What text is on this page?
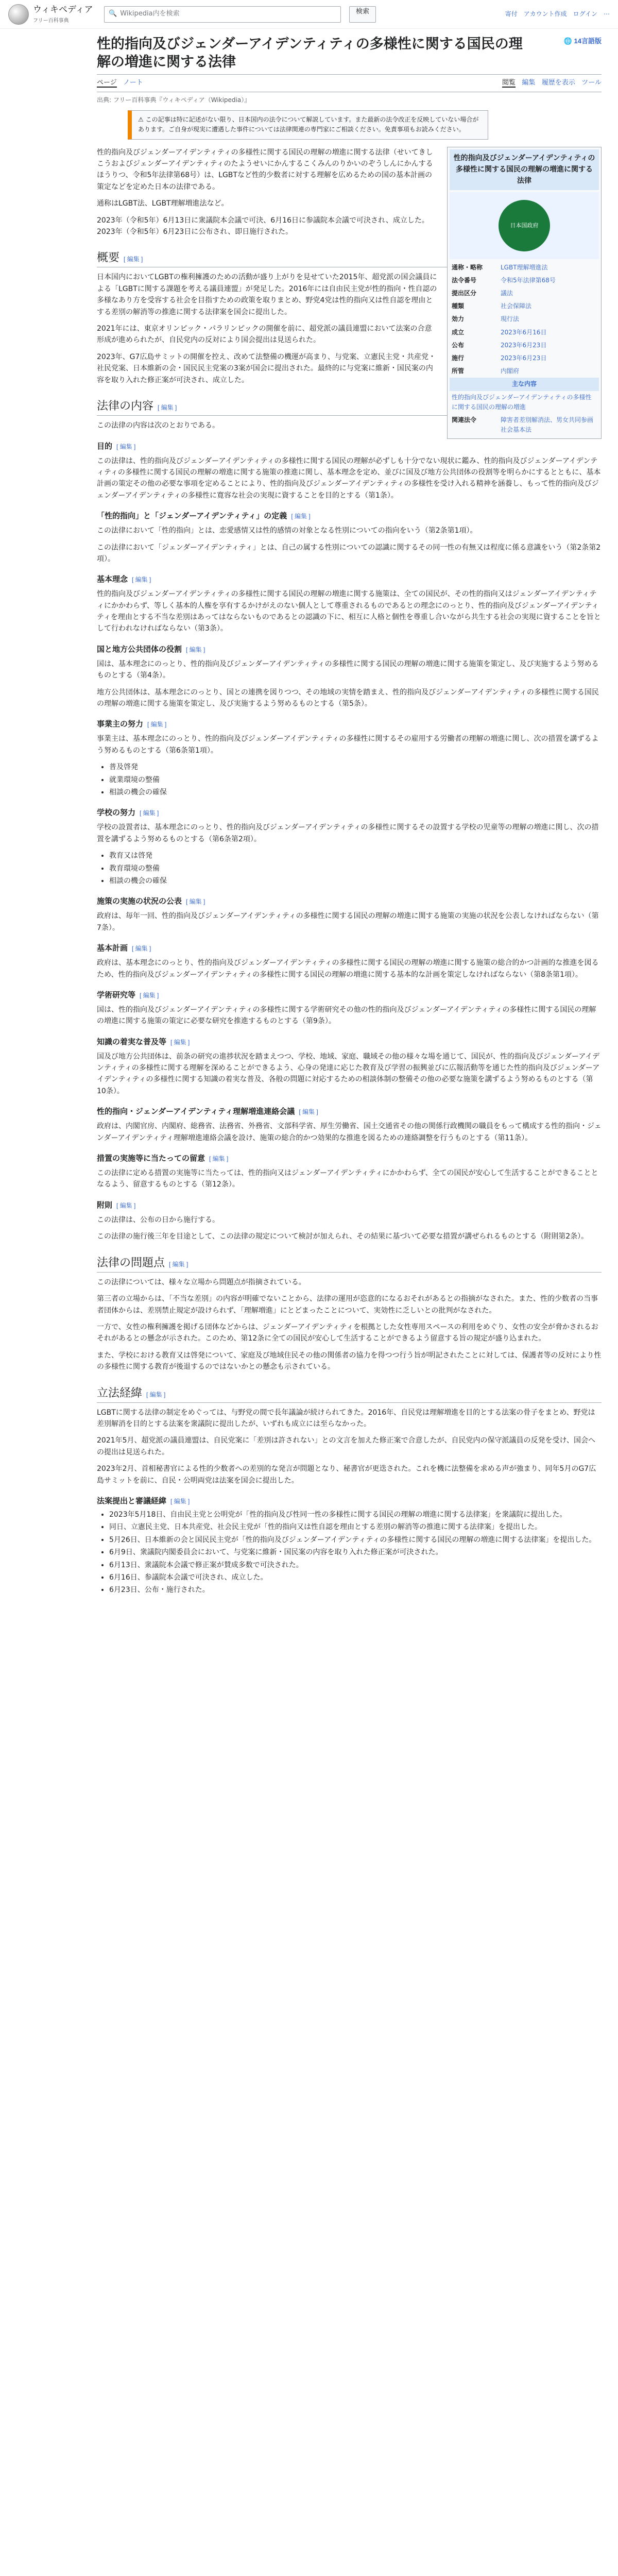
ウィキペディア
フリー百科事典
🔍 Wikipedia内を検索	検索	寄付 アカウント作成 ログイン ⋯
性的指向及びジェンダーアイデンティティの多様性に関する国民の理解の増進に関する法律
🌐 14言語版
ページ ノート	閲覧 編集 履歴を表示 ツール
出典: フリー百科事典『ウィキペディア（Wikipedia）』
⚠ この記事は特に記述がない限り、日本国内の法令について解説しています。また最新の法令改正を反映していない場合があります。ご自身が現実に遭遇した事件については法律関連の専門家にご相談ください。免責事項もお読みください。
性的指向及びジェンダーアイデンティティの多様性に関する国民の理解の増進に関する法律
日本国政府
通称・略称	LGBT理解増進法
法令番号	令和5年法律第68号
提出区分	議法
種類	社会保障法
効力	現行法
成立	2023年6月16日
公布	2023年6月23日
施行	2023年6月23日
所管	内閣府
主な内容	
性的指向及びジェンダーアイデンティティの多様性に関する国民の理解の増進	
関連法令	障害者差別解消法、男女共同参画社会基本法

性的指向及びジェンダーアイデンティティの多様性に関する国民の理解の増進に関する法律（せいてきしこうおよびジェンダーアイデンティティのたようせいにかんするこくみんのりかいのぞうしんにかんするほうりつ、令和5年法律第68号）は、LGBTなど性的少数者に対する理解を広めるための国の基本計画の策定などを定めた日本の法律である。

通称はLGBT法、LGBT理解増進法など。

2023年（令和5年）6月13日に衆議院本会議で可決、6月16日に参議院本会議で可決され、成立した。2023年（令和5年）6月23日に公布され、即日施行された。

概要 [ 編集 ]

日本国内においてLGBTの権利擁護のための活動が盛り上がりを見せていた2015年、超党派の国会議員による「LGBTに関する課題を考える議員連盟」が発足した。2016年には自由民主党が性的指向・性自認の多様なあり方を受容する社会を目指すための政策を取りまとめ、野党4党は性的指向又は性自認を理由とする差別の解消等の推進に関する法律案を国会に提出した。

2021年には、東京オリンピック・パラリンピックの開催を前に、超党派の議員連盟において法案の合意形成が進められたが、自民党内の反対により国会提出は見送られた。

2023年、G7広島サミットの開催を控え、改めて法整備の機運が高まり、与党案、立憲民主党・共産党・社民党案、日本維新の会・国民民主党案の3案が国会に提出された。最終的に与党案に維新・国民案の内容を取り入れた修正案が可決され、成立した。

法律の内容 [ 編集 ]

この法律の内容は次のとおりである。

目的 [ 編集 ]

この法律は、性的指向及びジェンダーアイデンティティの多様性に関する国民の理解が必ずしも十分でない現状に鑑み、性的指向及びジェンダーアイデンティティの多様性に関する国民の理解の増進に関する施策の推進に関し、基本理念を定め、並びに国及び地方公共団体の役割等を明らかにするとともに、基本計画の策定その他の必要な事項を定めることにより、性的指向及びジェンダーアイデンティティの多様性を受け入れる精神を涵養し、もって性的指向及びジェンダーアイデンティティの多様性に寛容な社会の実現に資することを目的とする（第1条）。

「性的指向」と「ジェンダーアイデンティティ」の定義 [ 編集 ]

この法律において「性的指向」とは、恋愛感情又は性的感情の対象となる性別についての指向をいう（第2条第1項）。

この法律において「ジェンダーアイデンティティ」とは、自己の属する性別についての認識に関するその同一性の有無又は程度に係る意識をいう（第2条第2項）。

基本理念 [ 編集 ]

性的指向及びジェンダーアイデンティティの多様性に関する国民の理解の増進に関する施策は、全ての国民が、その性的指向又はジェンダーアイデンティティにかかわらず、等しく基本的人権を享有するかけがえのない個人として尊重されるものであるとの理念にのっとり、性的指向及びジェンダーアイデンティティを理由とする不当な差別はあってはならないものであるとの認識の下に、相互に人格と個性を尊重し合いながら共生する社会の実現に資することを旨として行われなければならない（第3条）。

国と地方公共団体の役割 [ 編集 ]

国は、基本理念にのっとり、性的指向及びジェンダーアイデンティティの多様性に関する国民の理解の増進に関する施策を策定し、及び実施するよう努めるものとする（第4条）。

地方公共団体は、基本理念にのっとり、国との連携を図りつつ、その地域の実情を踏まえ、性的指向及びジェンダーアイデンティティの多様性に関する国民の理解の増進に関する施策を策定し、及び実施するよう努めるものとする（第5条）。

事業主の努力 [ 編集 ]

事業主は、基本理念にのっとり、性的指向及びジェンダーアイデンティティの多様性に関するその雇用する労働者の理解の増進に関し、次の措置を講ずるよう努めるものとする（第6条第1項）。

• 普及啓発
• 就業環境の整備
• 相談の機会の確保
学校の努力 [ 編集 ]

学校の設置者は、基本理念にのっとり、性的指向及びジェンダーアイデンティティの多様性に関するその設置する学校の児童等の理解の増進に関し、次の措置を講ずるよう努めるものとする（第6条第2項）。

• 教育又は啓発
• 教育環境の整備
• 相談の機会の確保
施策の実施の状況の公表 [ 編集 ]

政府は、毎年一回、性的指向及びジェンダーアイデンティティの多様性に関する国民の理解の増進に関する施策の実施の状況を公表しなければならない（第7条）。

基本計画 [ 編集 ]

政府は、基本理念にのっとり、性的指向及びジェンダーアイデンティティの多様性に関する国民の理解の増進に関する施策の総合的かつ計画的な推進を図るため、性的指向及びジェンダーアイデンティティの多様性に関する国民の理解の増進に関する基本的な計画を策定しなければならない（第8条第1項）。

学術研究等 [ 編集 ]

国は、性的指向及びジェンダーアイデンティティの多様性に関する学術研究その他の性的指向及びジェンダーアイデンティティの多様性に関する国民の理解の増進に関する施策の策定に必要な研究を推進するものとする（第9条）。

知識の着実な普及等 [ 編集 ]

国及び地方公共団体は、前条の研究の進捗状況を踏まえつつ、学校、地域、家庭、職域その他の様々な場を通じて、国民が、性的指向及びジェンダーアイデンティティの多様性に関する理解を深めることができるよう、心身の発達に応じた教育及び学習の振興並びに広報活動等を通じた性的指向及びジェンダーアイデンティティの多様性に関する知識の着実な普及、各般の問題に対応するための相談体制の整備その他の必要な施策を講ずるよう努めるものとする（第10条）。

性的指向・ジェンダーアイデンティティ理解増進連絡会議 [ 編集 ]

政府は、内閣官房、内閣府、総務省、法務省、外務省、文部科学省、厚生労働省、国土交通省その他の関係行政機関の職員をもって構成する性的指向・ジェンダーアイデンティティ理解増進連絡会議を設け、施策の総合的かつ効果的な推進を図るための連絡調整を行うものとする（第11条）。

措置の実施等に当たっての留意 [ 編集 ]

この法律に定める措置の実施等に当たっては、性的指向又はジェンダーアイデンティティにかかわらず、全ての国民が安心して生活することができることとなるよう、留意するものとする（第12条）。

附則 [ 編集 ]

この法律は、公布の日から施行する。

この法律の施行後三年を目途として、この法律の規定について検討が加えられ、その結果に基づいて必要な措置が講ぜられるものとする（附則第2条）。

法律の問題点 [ 編集 ]

この法律については、様々な立場から問題点が指摘されている。

第三者の立場からは、「不当な差別」の内容が明確でないことから、法律の運用が恣意的になるおそれがあるとの指摘がなされた。また、性的少数者の当事者団体からは、差別禁止規定が設けられず、「理解増進」にとどまったことについて、実効性に乏しいとの批判がなされた。

一方で、女性の権利擁護を掲げる団体などからは、ジェンダーアイデンティティを根拠とした女性専用スペースの利用をめぐり、女性の安全が脅かされるおそれがあるとの懸念が示された。このため、第12条に全ての国民が安心して生活することができるよう留意する旨の規定が盛り込まれた。

また、学校における教育又は啓発について、家庭及び地域住民その他の関係者の協力を得つつ行う旨が明記されたことに対しては、保護者等の反対により性の多様性に関する教育が後退するのではないかとの懸念も示されている。

立法経緯 [ 編集 ]

LGBTに関する法律の制定をめぐっては、与野党の間で長年議論が続けられてきた。2016年、自民党は理解増進を目的とする法案の骨子をまとめ、野党は差別解消を目的とする法案を衆議院に提出したが、いずれも成立には至らなかった。

2021年5月、超党派の議員連盟は、自民党案に「差別は許されない」との文言を加えた修正案で合意したが、自民党内の保守派議員の反発を受け、国会への提出は見送られた。

2023年2月、首相秘書官による性的少数者への差別的な発言が問題となり、秘書官が更迭された。これを機に法整備を求める声が強まり、同年5月のG7広島サミットを前に、自民・公明両党は法案を国会に提出した。

法案提出と審議経緯 [ 編集 ]
• 2023年5月18日、自由民主党と公明党が「性的指向及び性同一性の多様性に関する国民の理解の増進に関する法律案」を衆議院に提出した。
• 同日、立憲民主党、日本共産党、社会民主党が「性的指向又は性自認を理由とする差別の解消等の推進に関する法律案」を提出した。
• 5月26日、日本維新の会と国民民主党が「性的指向及びジェンダーアイデンティティの多様性に関する国民の理解の増進に関する法律案」を提出した。
• 6月9日、衆議院内閣委員会において、与党案に維新・国民案の内容を取り入れた修正案が可決された。
• 6月13日、衆議院本会議で修正案が賛成多数で可決された。
• 6月16日、参議院本会議で可決され、成立した。
• 6月23日、公布・施行された。
